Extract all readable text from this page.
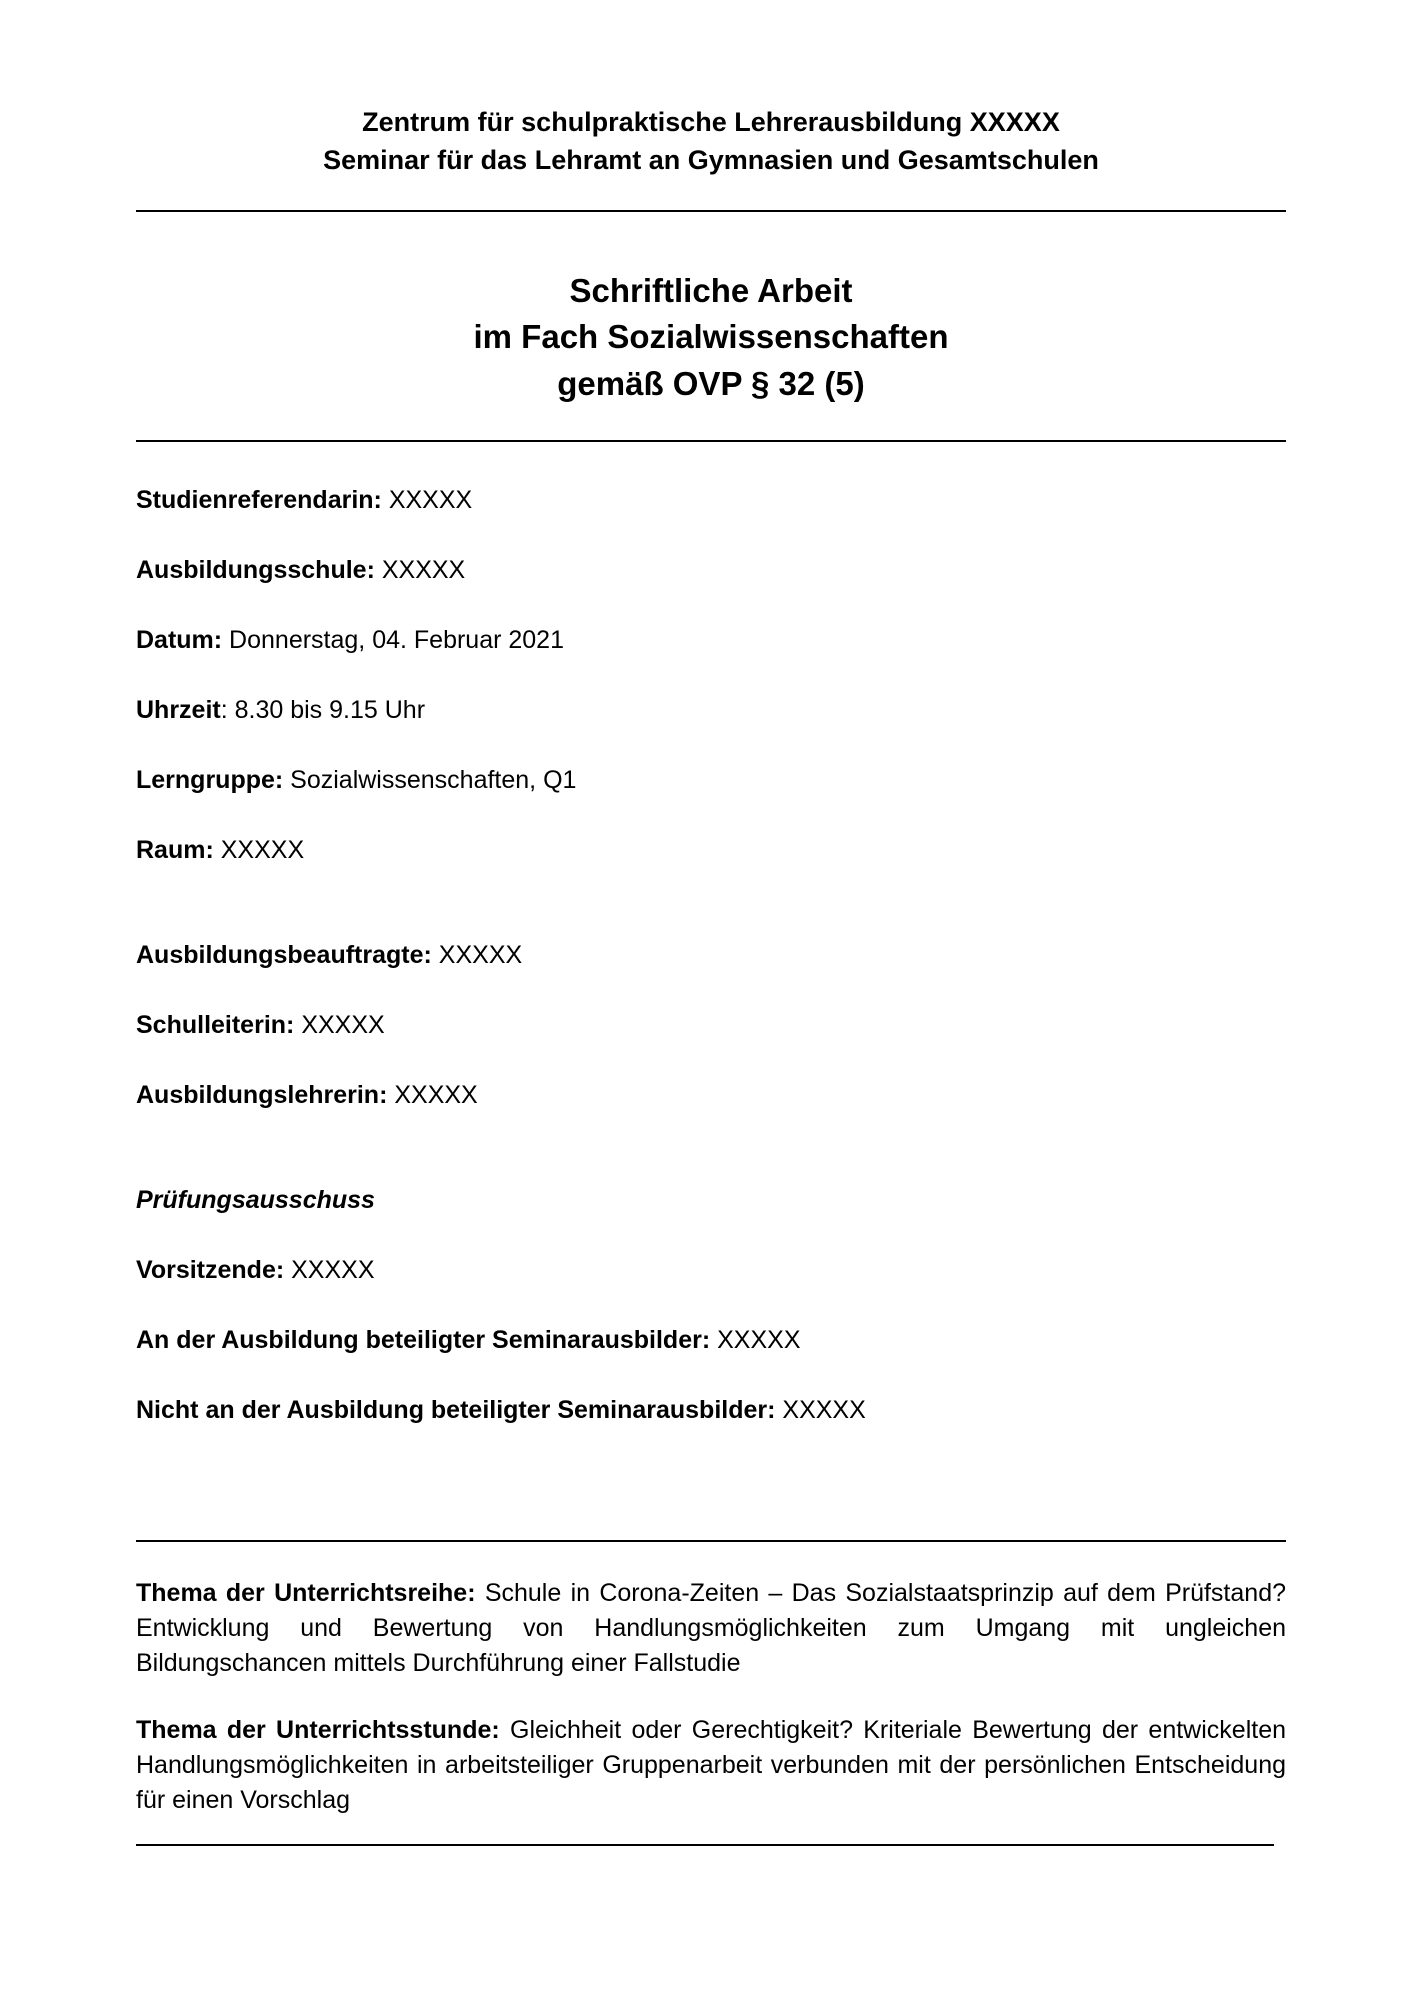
Zentrum für schulpraktische Lehrerausbildung XXXXX
Seminar für das Lehramt an Gymnasien und Gesamtschulen
Schriftliche Arbeit
im Fach Sozialwissenschaften
gemäß OVP § 32 (5)
Studienreferendarin: XXXXX
Ausbildungsschule: XXXXX
Datum: Donnerstag, 04. Februar 2021
Uhrzeit: 8.30 bis 9.15 Uhr
Lerngruppe: Sozialwissenschaften, Q1
Raum: XXXXX
Ausbildungsbeauftragte: XXXXX
Schulleiterin: XXXXX
Ausbildungslehrerin: XXXXX
Prüfungsausschuss
Vorsitzende: XXXXX
An der Ausbildung beteiligter Seminarausbilder: XXXXX
Nicht an der Ausbildung beteiligter Seminarausbilder: XXXXX
Thema der Unterrichtsreihe: Schule in Corona-Zeiten – Das Sozialstaatsprinzip auf dem Prüfstand? Entwicklung und Bewertung von Handlungsmöglichkeiten zum Umgang mit ungleichen Bildungschancen mittels Durchführung einer Fallstudie
Thema der Unterrichtsstunde: Gleichheit oder Gerechtigkeit? Kriteriale Bewertung der entwickelten Handlungsmöglichkeiten in arbeitsteiliger Gruppenarbeit verbunden mit der persönlichen Entscheidung für einen Vorschlag
